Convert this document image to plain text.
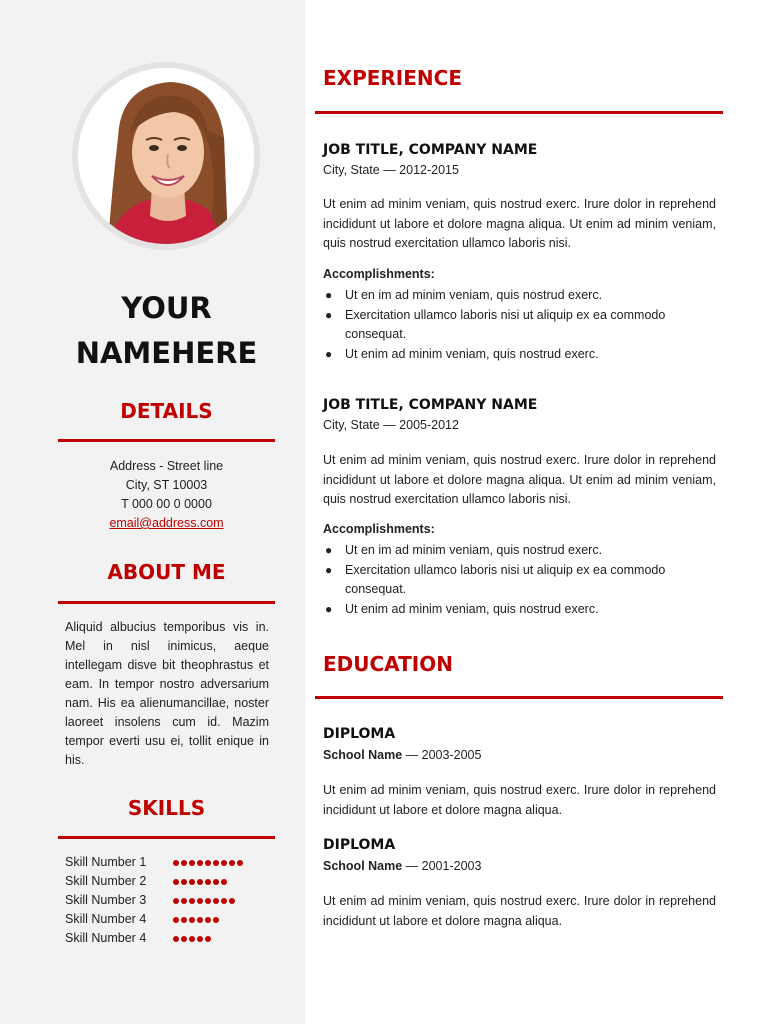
YOUR
NAMEHERE
DETAILS
Address - Street line
City, ST 10003
T 000 00 0 0000
email@address.com
ABOUT ME
Aliquid albucius temporibus vis in. Mel in nisl inimicus, aeque intellegam disve bit theophrastus et eam. In tempor nostro adversarium nam. His ea alienumancillae, noster laoreet insolens cum id. Mazim tempor everti usu ei, tollit enique in his.
SKILLS
Skill Number 1
Skill Number 2
Skill Number 3
Skill Number 4
Skill Number 4
EXPERIENCE
JOB TITLE, COMPANY NAME
City, State — 2012-2015
Ut enim ad minim veniam, quis nostrud exerc. Irure dolor in reprehend incididunt ut labore et dolore magna aliqua. Ut enim ad minim veniam, quis nostrud exercitation ullamco laboris nisi.
Accomplishments:
● Ut en im ad minim veniam, quis nostrud exerc.
● Exercitation ullamco laboris nisi ut aliquip ex ea commodo consequat.
● Ut enim ad minim veniam, quis nostrud exerc.
JOB TITLE, COMPANY NAME
City, State — 2005-2012
Ut enim ad minim veniam, quis nostrud exerc. Irure dolor in reprehend incididunt ut labore et dolore magna aliqua. Ut enim ad minim veniam, quis nostrud exercitation ullamco laboris nisi.
Accomplishments:
● Ut en im ad minim veniam, quis nostrud exerc.
● Exercitation ullamco laboris nisi ut aliquip ex ea commodo consequat.
● Ut enim ad minim veniam, quis nostrud exerc.
EDUCATION
DIPLOMA
School Name — 2003-2005
Ut enim ad minim veniam, quis nostrud exerc. Irure dolor in reprehend incididunt ut labore et dolore magna aliqua.
DIPLOMA
School Name — 2001-2003
Ut enim ad minim veniam, quis nostrud exerc. Irure dolor in reprehend incididunt ut labore et dolore magna aliqua.
